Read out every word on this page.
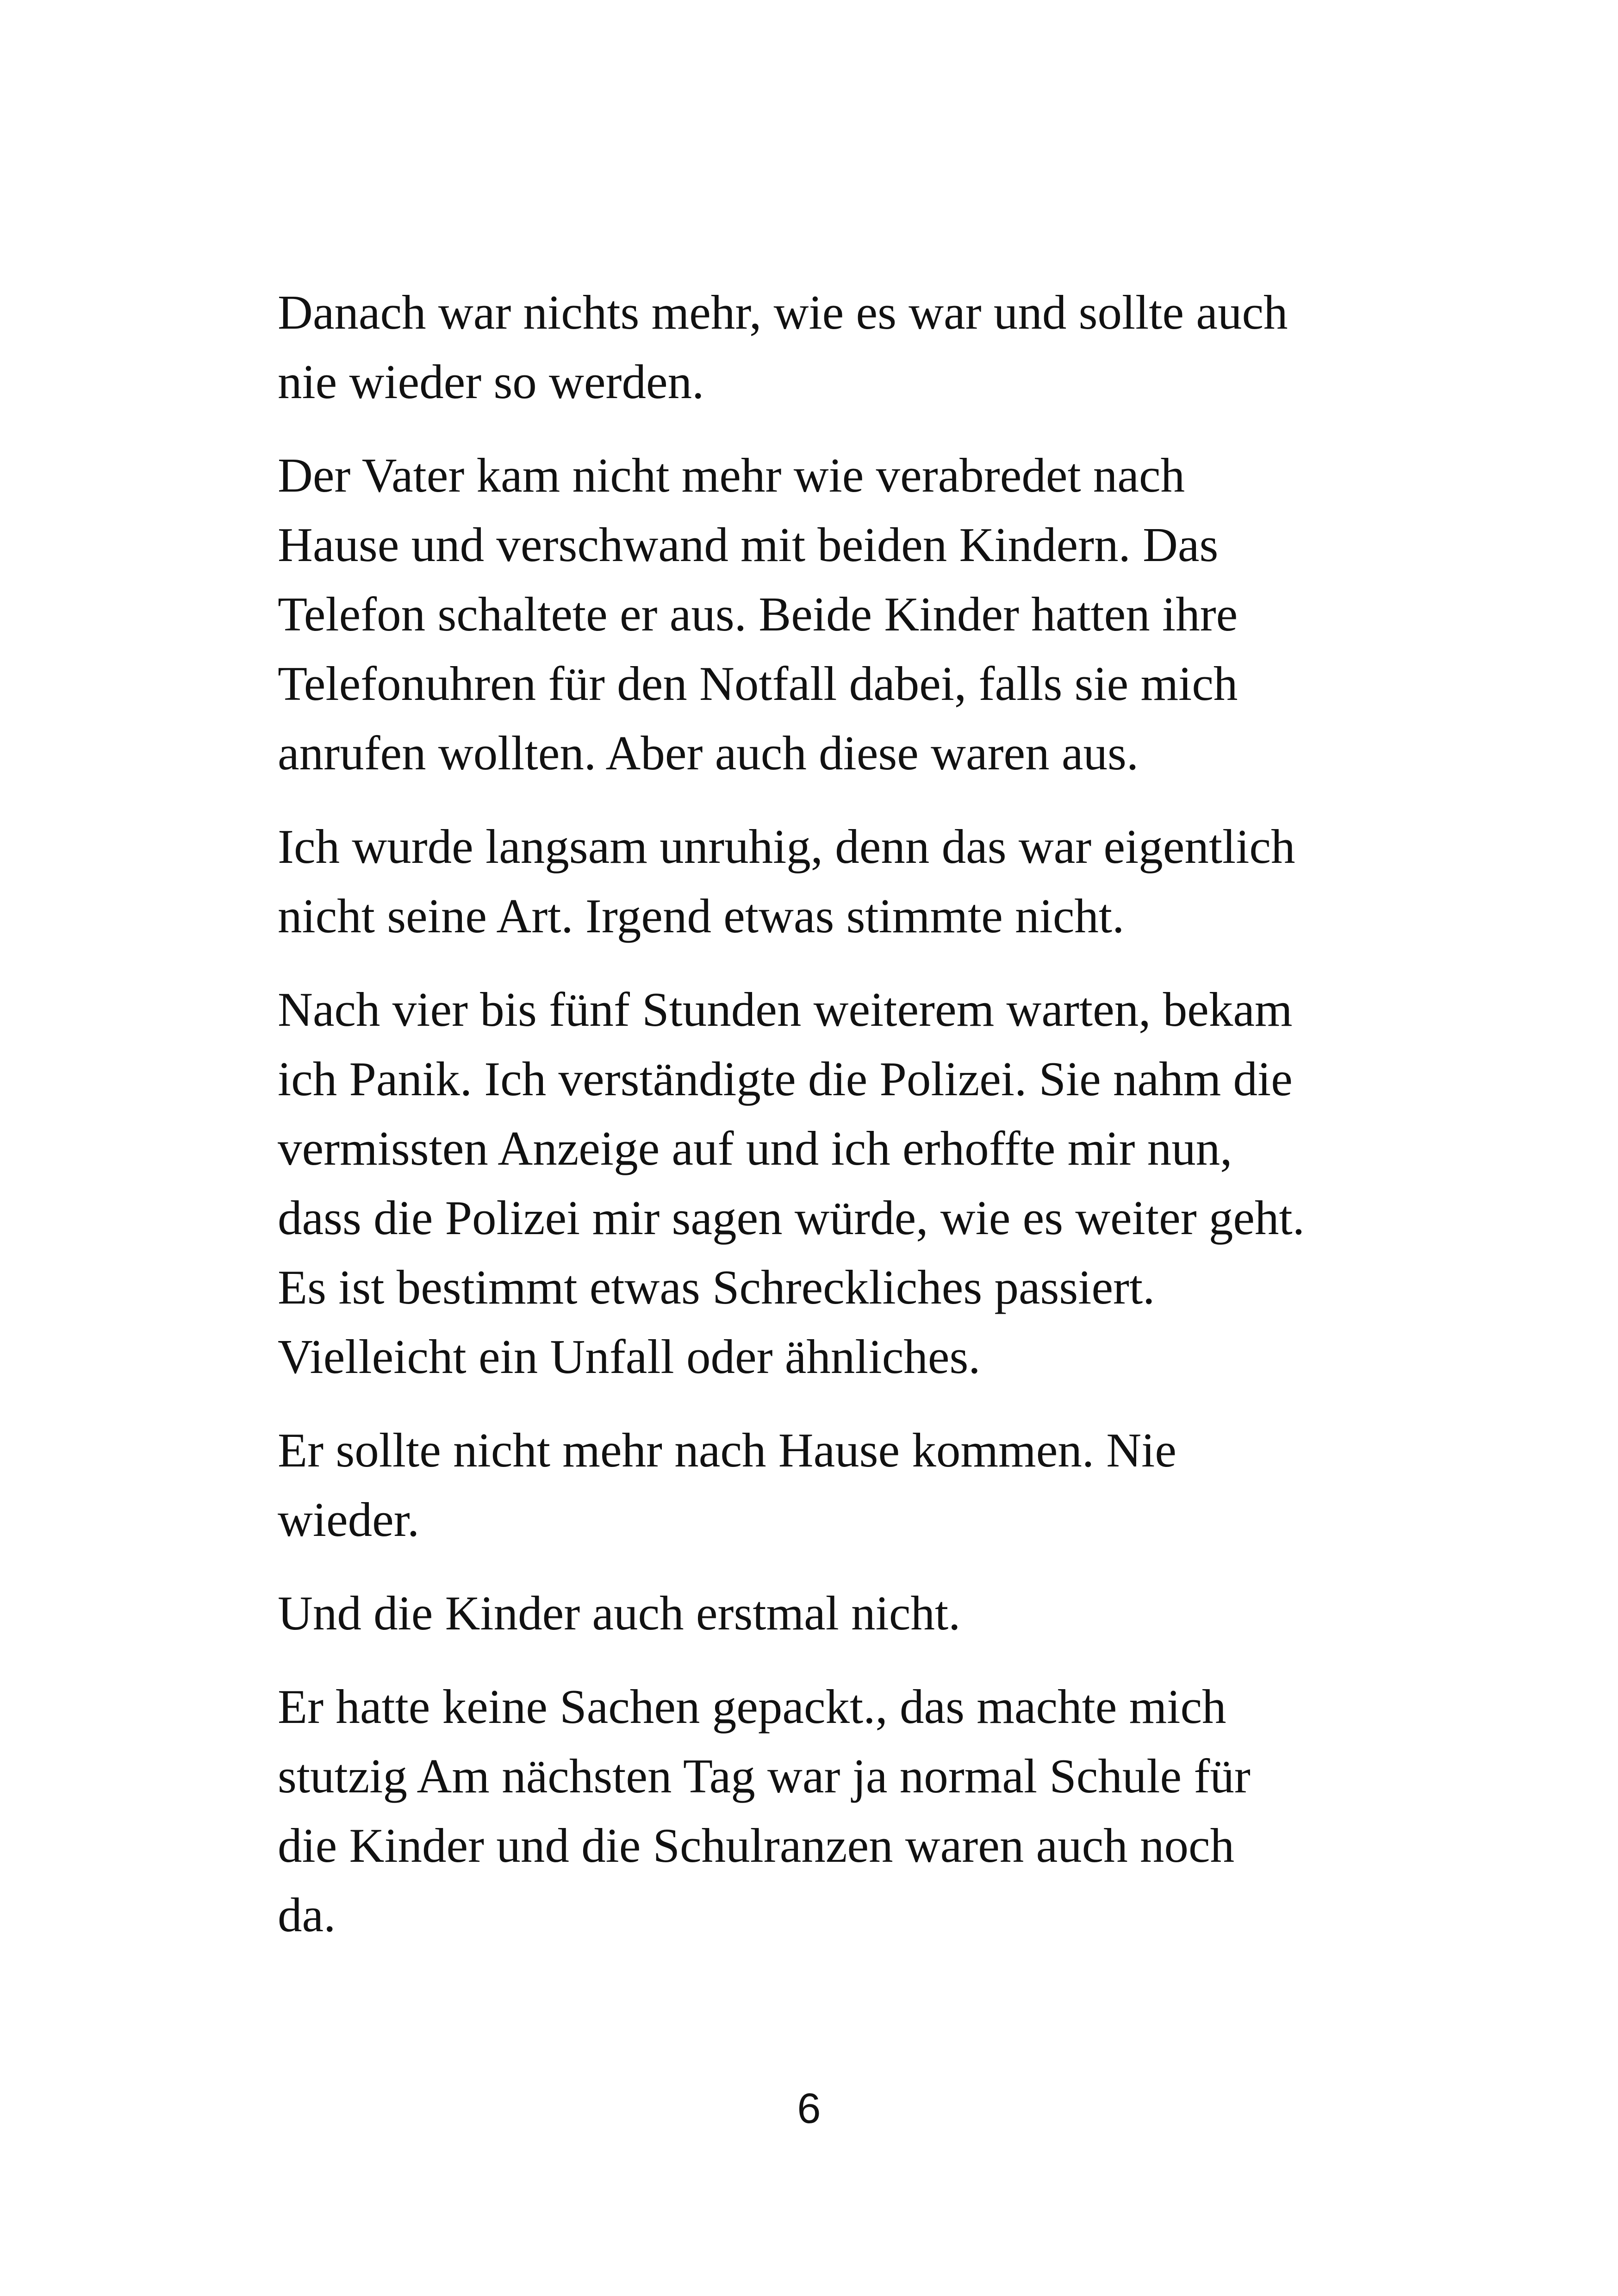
Danach war nichts mehr, wie es war und sollte auch
nie wieder so werden.

Der Vater kam nicht mehr wie verabredet nach
Hause und verschwand mit beiden Kindern. Das
Telefon schaltete er aus. Beide Kinder hatten ihre
Telefonuhren für den Notfall dabei, falls sie mich
anrufen wollten. Aber auch diese waren aus.

Ich wurde langsam unruhig, denn das war eigentlich
nicht seine Art. Irgend etwas stimmte nicht.

Nach vier bis fünf Stunden weiterem warten, bekam
ich Panik. Ich verständigte die Polizei. Sie nahm die
vermissten Anzeige auf und ich erhoffte mir nun,
dass die Polizei mir sagen würde, wie es weiter geht.
Es ist bestimmt etwas Schreckliches passiert.
Vielleicht ein Unfall oder ähnliches.

Er sollte nicht mehr nach Hause kommen. Nie
wieder.

Und die Kinder auch erstmal nicht.

Er hatte keine Sachen gepackt., das machte mich
stutzig Am nächsten Tag war ja normal Schule für
die Kinder und die Schulranzen waren auch noch
da.

6
